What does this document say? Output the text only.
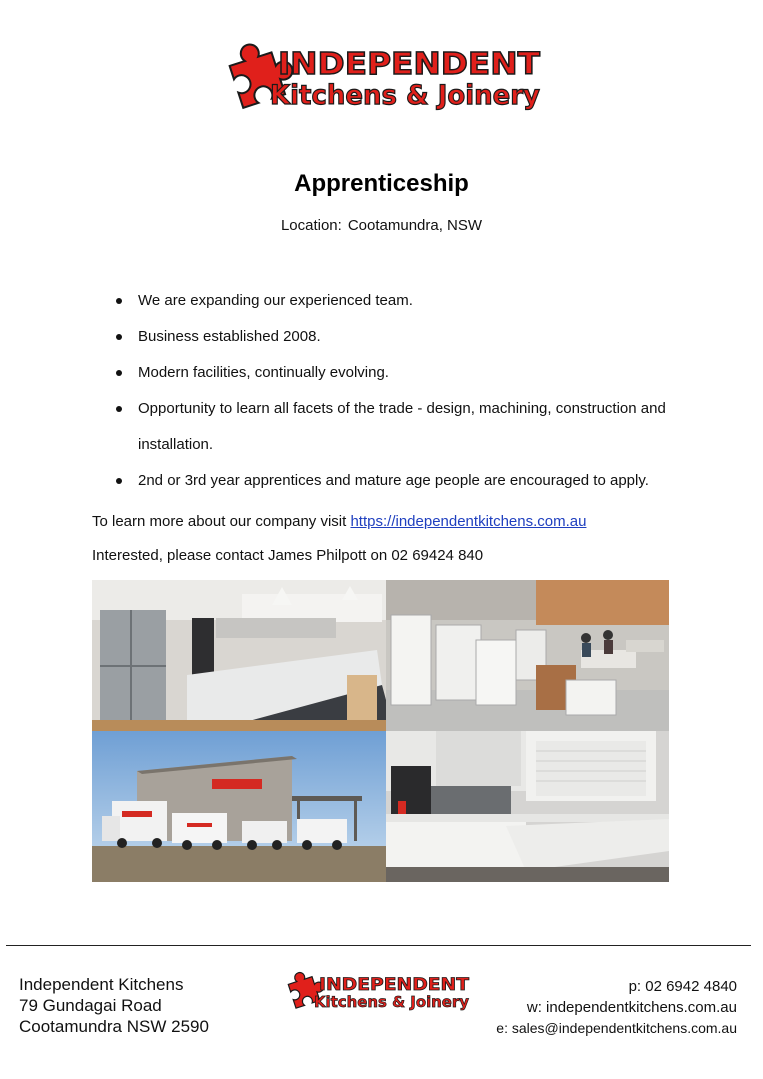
INDEPENDENT
Kitchens & Joinery
Apprenticeship
Location: Cootamundra, NSW
We are expanding our experienced team.
Business established 2008.
Modern facilities, continually evolving.
Opportunity to learn all facets of the trade - design, machining, construction and installation.
2nd or 3rd year apprentices and mature age people are encouraged to apply.
To learn more about our company visit https://independentkitchens.com.au
Interested, please contact James Philpott on 02 69424 840
Independent Kitchens
79 Gundagai Road
Cootamundra NSW 2590
INDEPENDENT
Kitchens & Joinery
p: 02 6942 4840
w: independentkitchens.com.au
e: sales@independentkitchens.com.au
